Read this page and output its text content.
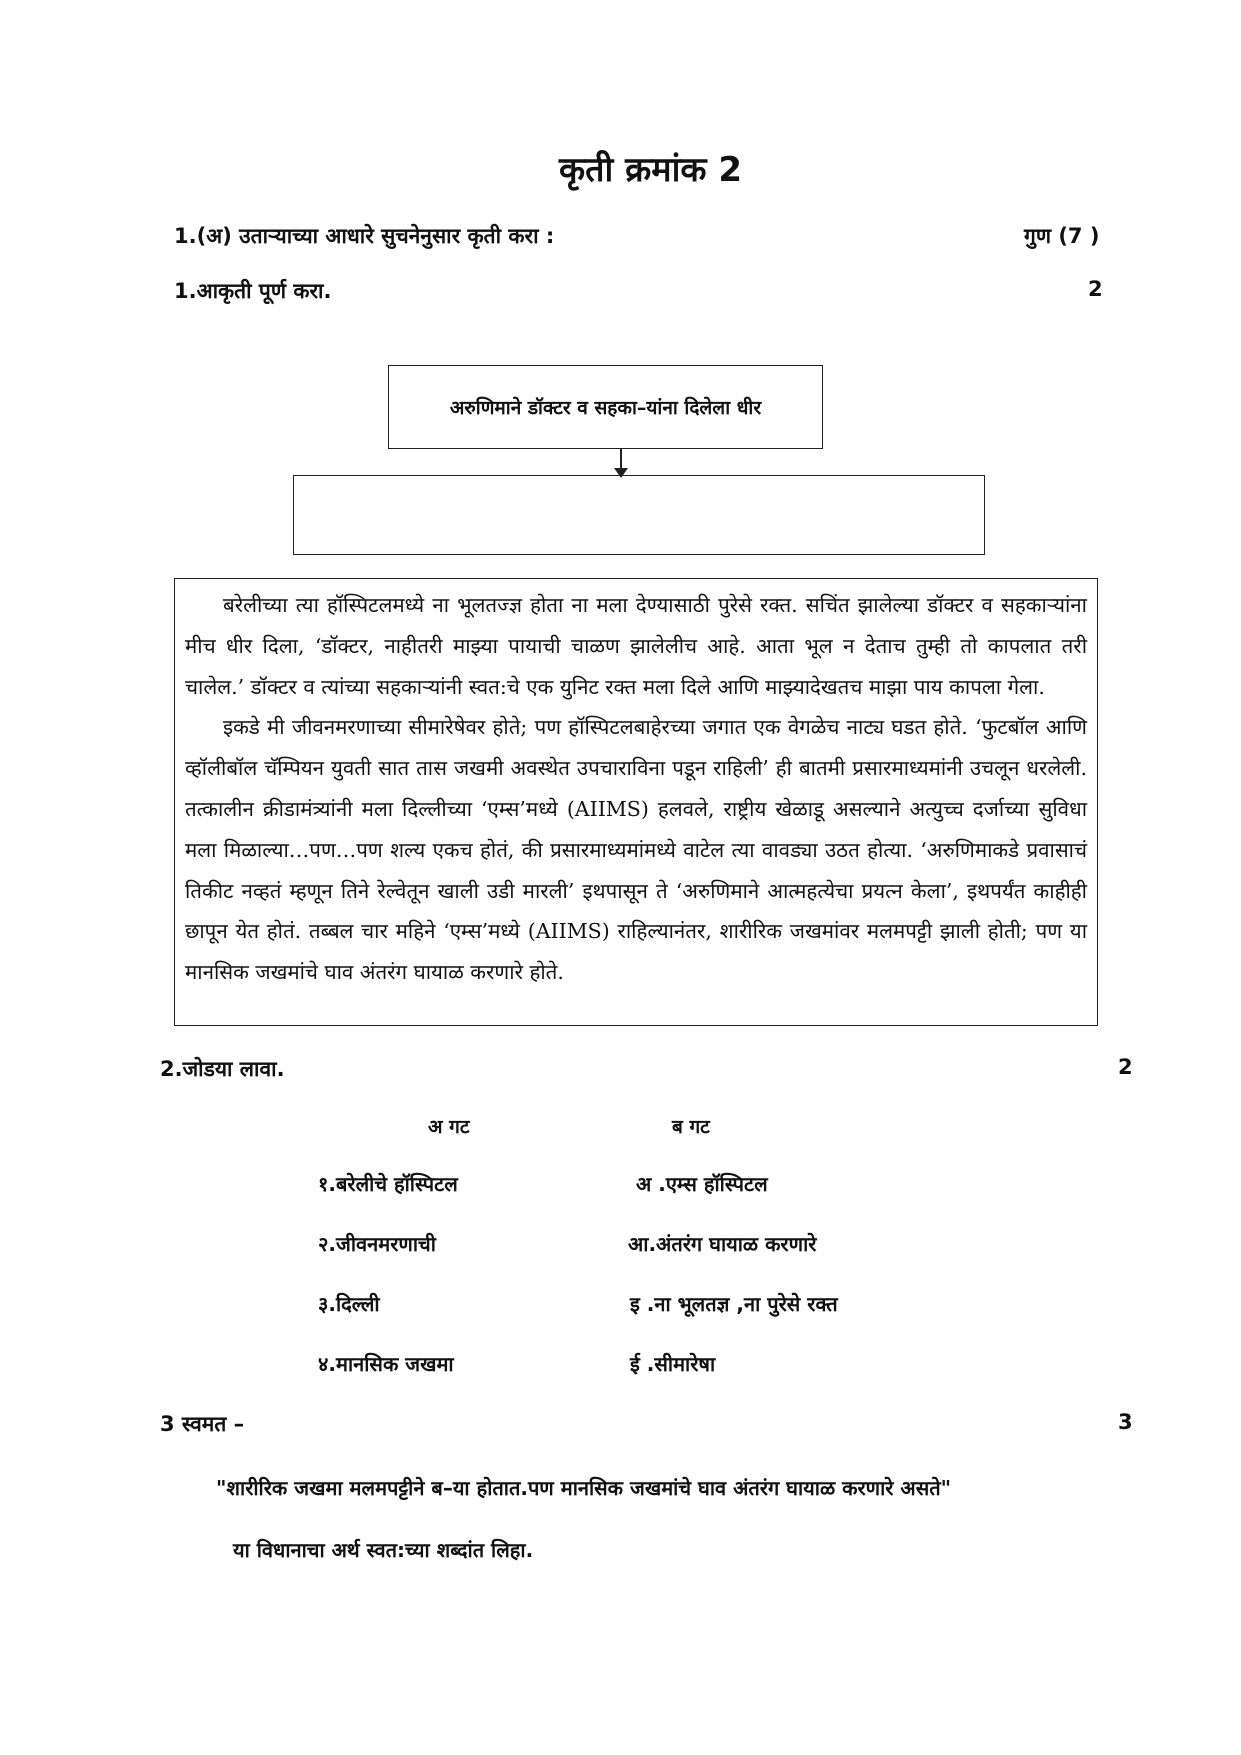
कृती क्रमांक 2
1.(अ) उताऱ्याच्या आधारे सुचनेनुसार कृती करा :	गुण (7 )
1.आकृती पूर्ण करा.	2
अरुणिमाने डॉक्टर व सहका–यांना दिलेला धीर

बरेलीच्या त्या हॉस्पिटलमध्ये ना भूलतज्ज्ञ होता ना मला देण्यासाठी पुरेसे रक्त. सचिंत झालेल्या डॉक्टर व सहकाऱ्यांना मीच धीर दिला, ‘डॉक्टर, नाहीतरी माझ्या पायाची चाळण झालेलीच आहे. आता भूल न देताच तुम्ही तो कापलात तरी चालेल.’ डॉक्टर व त्यांच्या सहकाऱ्यांनी स्वत:चे एक युनिट रक्त मला दिले आणि माझ्यादेखतच माझा पाय कापला गेला.

इकडे मी जीवनमरणाच्या सीमारेषेवर होते; पण हॉस्पिटलबाहेरच्या जगात एक वेगळेच नाट्य घडत होते. ‘फुटबॉल आणि व्हॉलीबॉल चॅम्पियन युवती सात तास जखमी अवस्थेत उपचाराविना पडून राहिली’ ही बातमी प्रसारमाध्यमांनी उचलून धरलेली. तत्कालीन क्रीडामंत्र्यांनी मला दिल्लीच्या ‘एम्स’मध्ये (AIIMS) हलवले, राष्ट्रीय खेळाडू असल्याने अत्युच्च दर्जाच्या सुविधा मला मिळाल्या…पण…पण शल्य एकच होतं, की प्रसारमाध्यमांमध्ये वाटेल त्या वावड्या उठत होत्या. ‘अरुणिमाकडे प्रवासाचं तिकीट नव्हतं म्हणून तिने रेल्वेतून खाली उडी मारली’ इथपासून ते ‘अरुणिमाने आत्महत्येचा प्रयत्न केला’, इथपर्यंत काहीही छापून येत होतं. तब्बल चार महिने ‘एम्स’मध्ये (AIIMS) राहिल्यानंतर, शारीरिक जखमांवर मलमपट्टी झाली होती; पण या मानसिक जखमांचे घाव अंतरंग घायाळ करणारे होते.

2.जोडया लावा.	2
अ गट	ब गट
१.बरेलीचे हॉस्पिटल	अ .एम्स हॉस्पिटल
२.जीवनमरणाची	आ.अंतरंग घायाळ करणारे
३.दिल्ली	इ .ना भूलतज्ञ ,ना पुरेसे रक्त
४.मानसिक जखमा	ई .सीमारेषा
3 स्वमत –	3
"शारीरिक जखमा मलमपट्टीने ब–या होतात.पण मानसिक जखमांचे घाव अंतरंग घायाळ करणारे असते"
या विधानाचा अर्थ स्वत:च्या शब्दांत लिहा.
